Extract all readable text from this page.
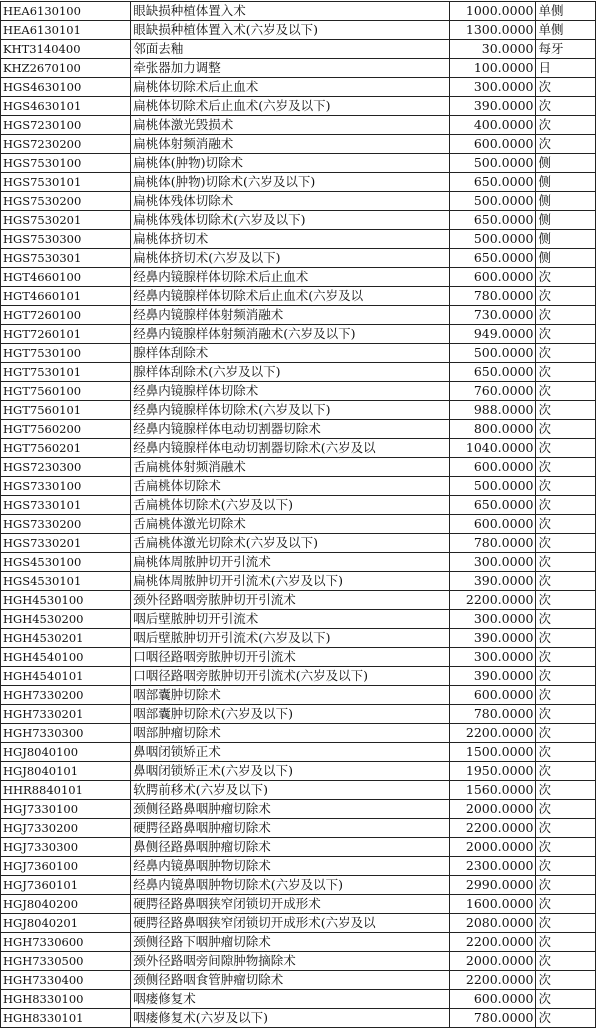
HEA6130100	眼缺损种植体置入术	1000.0000	单侧
HEA6130101	眼缺损种植体置入术(六岁及以下)	1300.0000	单侧
KHT3140400	邻面去釉	30.0000	每牙
KHZ2670100	牵张器加力调整	100.0000	日
HGS4630100	扁桃体切除术后止血术	300.0000	次
HGS4630101	扁桃体切除术后止血术(六岁及以下)	390.0000	次
HGS7230100	扁桃体激光毁损术	400.0000	次
HGS7230200	扁桃体射频消融术	600.0000	次
HGS7530100	扁桃体(肿物)切除术	500.0000	侧
HGS7530101	扁桃体(肿物)切除术(六岁及以下)	650.0000	侧
HGS7530200	扁桃体残体切除术	500.0000	侧
HGS7530201	扁桃体残体切除术(六岁及以下)	650.0000	侧
HGS7530300	扁桃体挤切术	500.0000	侧
HGS7530301	扁桃体挤切术(六岁及以下)	650.0000	侧
HGT4660100	经鼻内镜腺样体切除术后止血术	600.0000	次
HGT4660101	经鼻内镜腺样体切除术后止血术(六岁及以	780.0000	次
HGT7260100	经鼻内镜腺样体射频消融术	730.0000	次
HGT7260101	经鼻内镜腺样体射频消融术(六岁及以下)	949.0000	次
HGT7530100	腺样体刮除术	500.0000	次
HGT7530101	腺样体刮除术(六岁及以下)	650.0000	次
HGT7560100	经鼻内镜腺样体切除术	760.0000	次
HGT7560101	经鼻内镜腺样体切除术(六岁及以下)	988.0000	次
HGT7560200	经鼻内镜腺样体电动切割器切除术	800.0000	次
HGT7560201	经鼻内镜腺样体电动切割器切除术(六岁及以	1040.0000	次
HGS7230300	舌扁桃体射频消融术	600.0000	次
HGS7330100	舌扁桃体切除术	500.0000	次
HGS7330101	舌扁桃体切除术(六岁及以下)	650.0000	次
HGS7330200	舌扁桃体激光切除术	600.0000	次
HGS7330201	舌扁桃体激光切除术(六岁及以下)	780.0000	次
HGS4530100	扁桃体周脓肿切开引流术	300.0000	次
HGS4530101	扁桃体周脓肿切开引流术(六岁及以下)	390.0000	次
HGH4530100	颈外径路咽旁脓肿切开引流术	2200.0000	次
HGH4530200	咽后壁脓肿切开引流术	300.0000	次
HGH4530201	咽后壁脓肿切开引流术(六岁及以下)	390.0000	次
HGH4540100	口咽径路咽旁脓肿切开引流术	300.0000	次
HGH4540101	口咽径路咽旁脓肿切开引流术(六岁及以下)	390.0000	次
HGH7330200	咽部囊肿切除术	600.0000	次
HGH7330201	咽部囊肿切除术(六岁及以下)	780.0000	次
HGH7330300	咽部肿瘤切除术	2200.0000	次
HGJ8040100	鼻咽闭锁矫正术	1500.0000	次
HGJ8040101	鼻咽闭锁矫正术(六岁及以下)	1950.0000	次
HHR8840101	软腭前移术(六岁及以下)	1560.0000	次
HGJ7330100	颈侧径路鼻咽肿瘤切除术	2000.0000	次
HGJ7330200	硬腭径路鼻咽肿瘤切除术	2200.0000	次
HGJ7330300	鼻侧径路鼻咽肿瘤切除术	2000.0000	次
HGJ7360100	经鼻内镜鼻咽肿物切除术	2300.0000	次
HGJ7360101	经鼻内镜鼻咽肿物切除术(六岁及以下)	2990.0000	次
HGJ8040200	硬腭径路鼻咽狭窄闭锁切开成形术	1600.0000	次
HGJ8040201	硬腭径路鼻咽狭窄闭锁切开成形术(六岁及以	2080.0000	次
HGH7330600	颈侧径路下咽肿瘤切除术	2200.0000	次
HGH7330500	颈外径路咽旁间隙肿物摘除术	2000.0000	次
HGH7330400	颈侧径路咽食管肿瘤切除术	2200.0000	次
HGH8330100	咽瘘修复术	600.0000	次
HGH8330101	咽瘘修复术(六岁及以下)	780.0000	次
